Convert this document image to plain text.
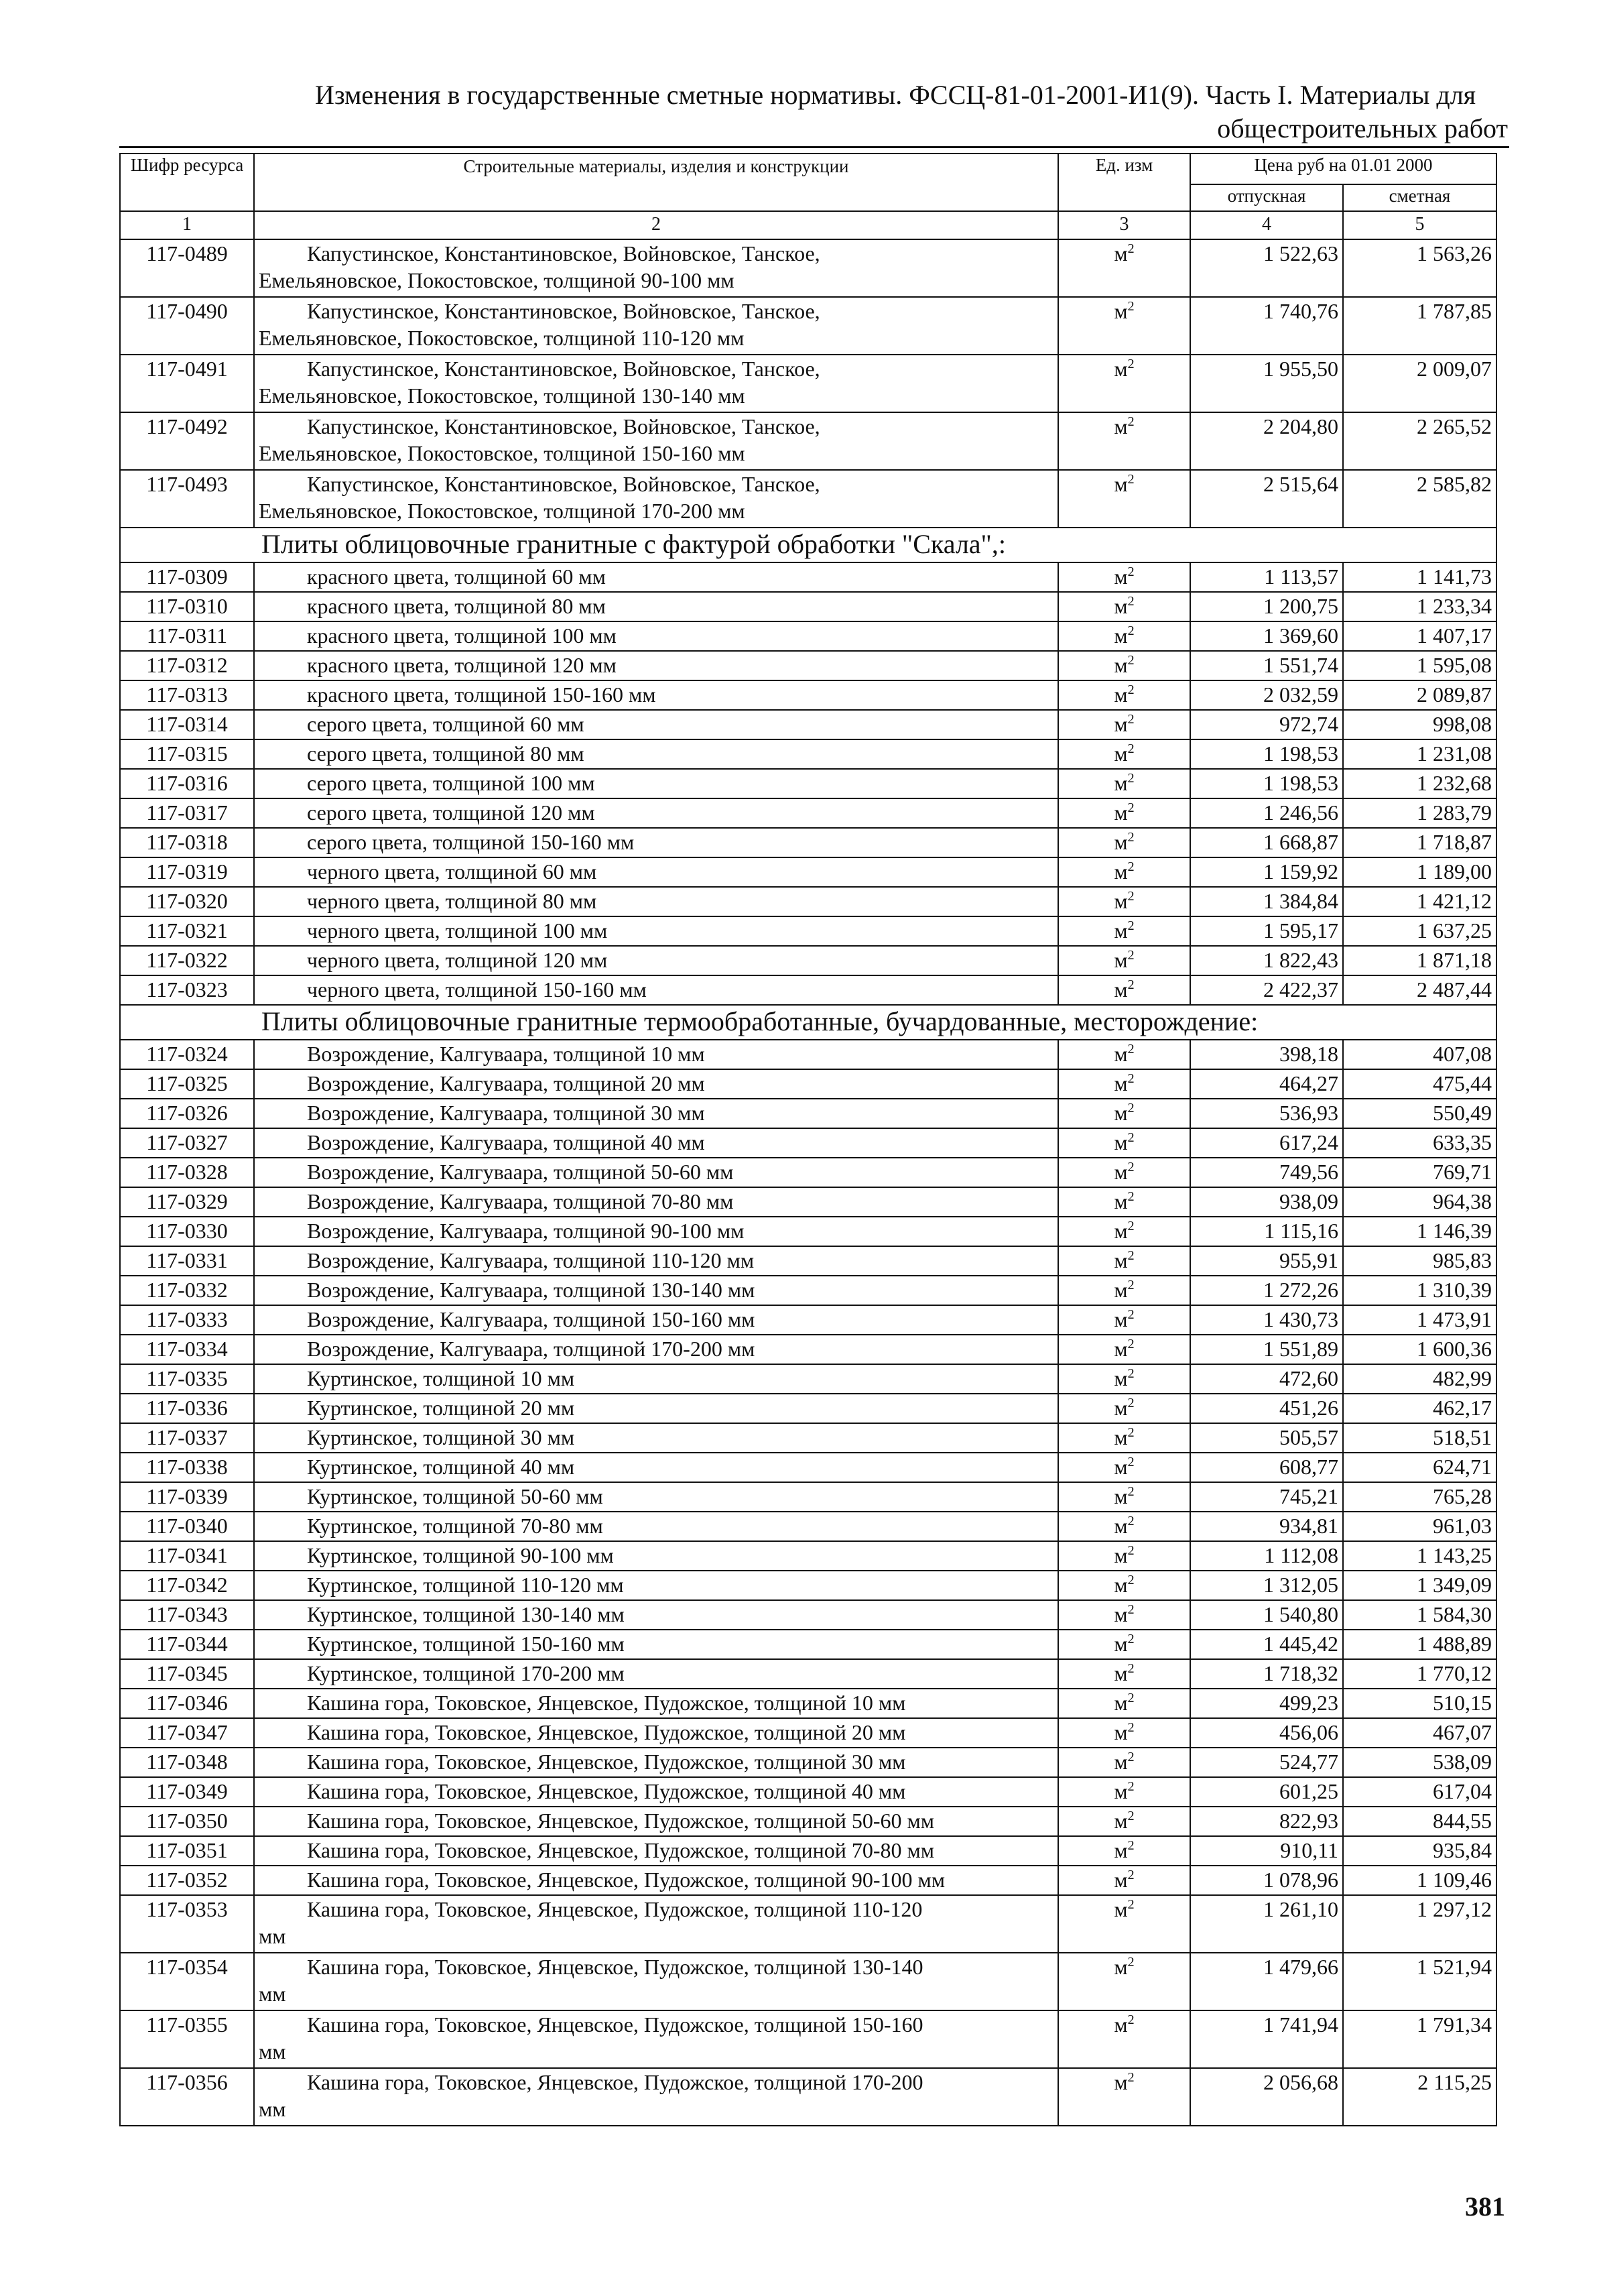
Изменения в государственные сметные нормативы. ФССЦ-81-01-2001-И1(9). Часть I. Материалы для
общестроительных работ
Шифр ресурса	Строительные материалы, изделия и конструкции	Ед. изм	Цена руб на 01.01 2000	
			отпускная	сметная
1	2	3	4	5
117-0489	Капустинское, Константиновское, Войновское, Танское,
Емельяновское, Покостовское, толщиной 90-100 мм	$м^2$	1 522,63	1 563,26
117-0490	Капустинское, Константиновское, Войновское, Танское,
Емельяновское, Покостовское, толщиной 110-120 мм	$м^2$	1 740,76	1 787,85
117-0491	Капустинское, Константиновское, Войновское, Танское,
Емельяновское, Покостовское, толщиной 130-140 мм	$м^2$	1 955,50	2 009,07
117-0492	Капустинское, Константиновское, Войновское, Танское,
Емельяновское, Покостовское, толщиной 150-160 мм	$м^2$	2 204,80	2 265,52
117-0493	Капустинское, Константиновское, Войновское, Танское,
Емельяновское, Покостовское, толщиной 170-200 мм	$м^2$	2 515,64	2 585,82
Плиты облицовочные гранитные с фактурой обработки "Скала",:				
117-0309	красного цвета, толщиной 60 мм	$м^2$	1 113,57	1 141,73
117-0310	красного цвета, толщиной 80 мм	$м^2$	1 200,75	1 233,34
117-0311	красного цвета, толщиной 100 мм	$м^2$	1 369,60	1 407,17
117-0312	красного цвета, толщиной 120 мм	$м^2$	1 551,74	1 595,08
117-0313	красного цвета, толщиной 150-160 мм	$м^2$	2 032,59	2 089,87
117-0314	серого цвета, толщиной 60 мм	$м^2$	972,74	998,08
117-0315	серого цвета, толщиной 80 мм	$м^2$	1 198,53	1 231,08
117-0316	серого цвета, толщиной 100 мм	$м^2$	1 198,53	1 232,68
117-0317	серого цвета, толщиной 120 мм	$м^2$	1 246,56	1 283,79
117-0318	серого цвета, толщиной 150-160 мм	$м^2$	1 668,87	1 718,87
117-0319	черного цвета, толщиной 60 мм	$м^2$	1 159,92	1 189,00
117-0320	черного цвета, толщиной 80 мм	$м^2$	1 384,84	1 421,12
117-0321	черного цвета, толщиной 100 мм	$м^2$	1 595,17	1 637,25
117-0322	черного цвета, толщиной 120 мм	$м^2$	1 822,43	1 871,18
117-0323	черного цвета, толщиной 150-160 мм	$м^2$	2 422,37	2 487,44
Плиты облицовочные гранитные термообработанные, бучардованные, месторождение:				
117-0324	Возрождение, Калгуваара, толщиной 10 мм	$м^2$	398,18	407,08
117-0325	Возрождение, Калгуваара, толщиной 20 мм	$м^2$	464,27	475,44
117-0326	Возрождение, Калгуваара, толщиной 30 мм	$м^2$	536,93	550,49
117-0327	Возрождение, Калгуваара, толщиной 40 мм	$м^2$	617,24	633,35
117-0328	Возрождение, Калгуваара, толщиной 50-60 мм	$м^2$	749,56	769,71
117-0329	Возрождение, Калгуваара, толщиной 70-80 мм	$м^2$	938,09	964,38
117-0330	Возрождение, Калгуваара, толщиной 90-100 мм	$м^2$	1 115,16	1 146,39
117-0331	Возрождение, Калгуваара, толщиной 110-120 мм	$м^2$	955,91	985,83
117-0332	Возрождение, Калгуваара, толщиной 130-140 мм	$м^2$	1 272,26	1 310,39
117-0333	Возрождение, Калгуваара, толщиной 150-160 мм	$м^2$	1 430,73	1 473,91
117-0334	Возрождение, Калгуваара, толщиной 170-200 мм	$м^2$	1 551,89	1 600,36
117-0335	Куртинское, толщиной 10 мм	$м^2$	472,60	482,99
117-0336	Куртинское, толщиной 20 мм	$м^2$	451,26	462,17
117-0337	Куртинское, толщиной 30 мм	$м^2$	505,57	518,51
117-0338	Куртинское, толщиной 40 мм	$м^2$	608,77	624,71
117-0339	Куртинское, толщиной 50-60 мм	$м^2$	745,21	765,28
117-0340	Куртинское, толщиной 70-80 мм	$м^2$	934,81	961,03
117-0341	Куртинское, толщиной 90-100 мм	$м^2$	1 112,08	1 143,25
117-0342	Куртинское, толщиной 110-120 мм	$м^2$	1 312,05	1 349,09
117-0343	Куртинское, толщиной 130-140 мм	$м^2$	1 540,80	1 584,30
117-0344	Куртинское, толщиной 150-160 мм	$м^2$	1 445,42	1 488,89
117-0345	Куртинское, толщиной 170-200 мм	$м^2$	1 718,32	1 770,12
117-0346	Кашина гора, Токовское, Янцевское, Пудожское, толщиной 10 мм	$м^2$	499,23	510,15
117-0347	Кашина гора, Токовское, Янцевское, Пудожское, толщиной 20 мм	$м^2$	456,06	467,07
117-0348	Кашина гора, Токовское, Янцевское, Пудожское, толщиной 30 мм	$м^2$	524,77	538,09
117-0349	Кашина гора, Токовское, Янцевское, Пудожское, толщиной 40 мм	$м^2$	601,25	617,04
117-0350	Кашина гора, Токовское, Янцевское, Пудожское, толщиной 50-60 мм	$м^2$	822,93	844,55
117-0351	Кашина гора, Токовское, Янцевское, Пудожское, толщиной 70-80 мм	$м^2$	910,11	935,84
117-0352	Кашина гора, Токовское, Янцевское, Пудожское, толщиной 90-100 мм	$м^2$	1 078,96	1 109,46
117-0353	Кашина гора, Токовское, Янцевское, Пудожское, толщиной 110-120
мм	$м^2$	1 261,10	1 297,12
117-0354	Кашина гора, Токовское, Янцевское, Пудожское, толщиной 130-140
мм	$м^2$	1 479,66	1 521,94
117-0355	Кашина гора, Токовское, Янцевское, Пудожское, толщиной 150-160
мм	$м^2$	1 741,94	1 791,34
117-0356	Кашина гора, Токовское, Янцевское, Пудожское, толщиной 170-200
мм	$м^2$	2 056,68	2 115,25
381
